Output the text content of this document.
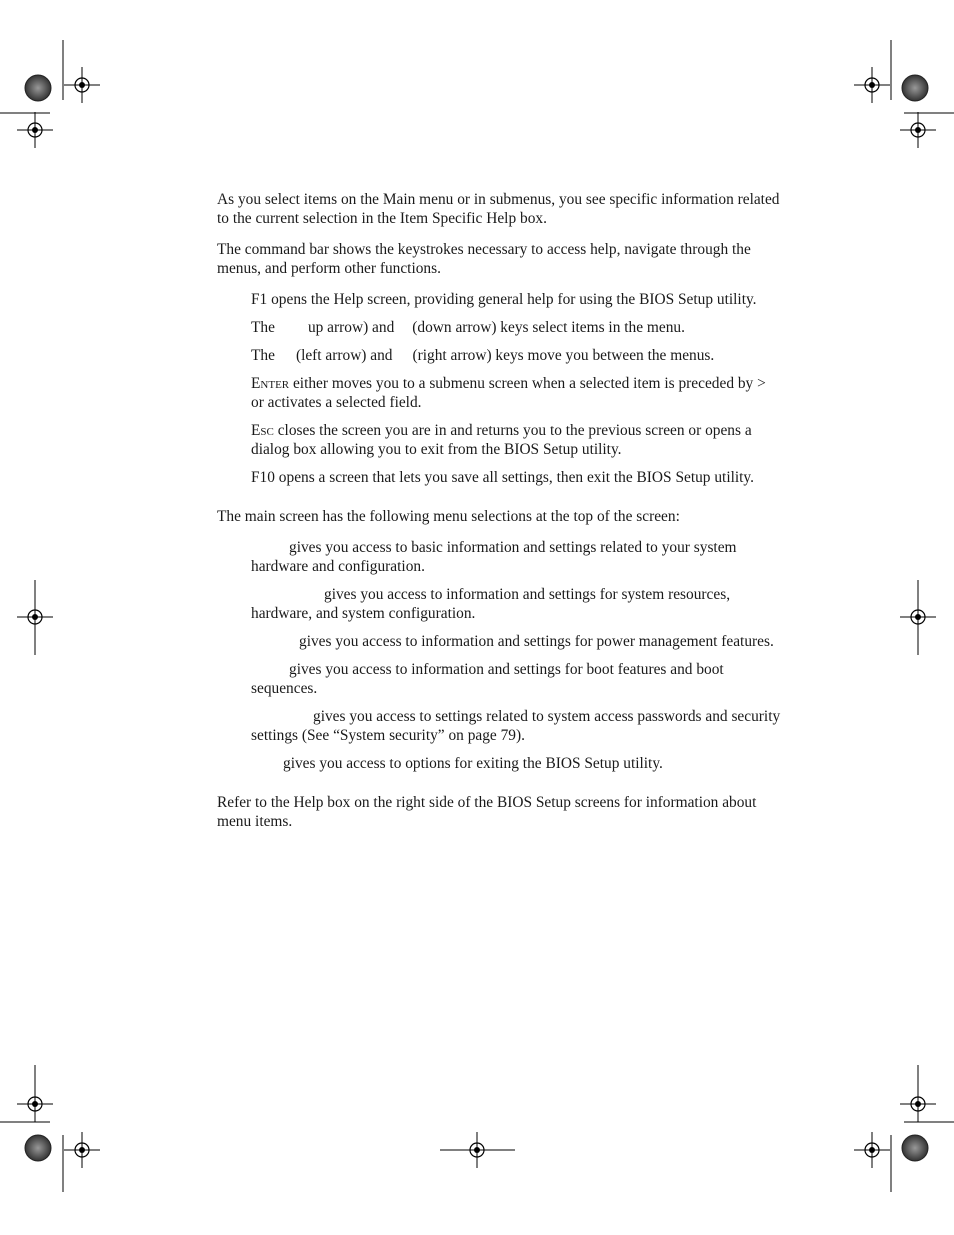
As you select items on the Main menu or in submenus, you see specific information related to the current selection in the Item Specific Help box.

The command bar shows the keystrokes necessary to access help, navigate through the menus, and perform other functions.

F1 opens the Help screen, providing general help for using the BIOS Setup utility.
The up arrow) and (down arrow) keys select items in the menu.
The (left arrow) and (right arrow) keys move you between the menus.
Enter either moves you to a submenu screen when a selected item is preceded by > or activates a selected field.
Esc closes the screen you are in and returns you to the previous screen or opens a dialog box allowing you to exit from the BIOS Setup utility.
F10 opens a screen that lets you save all settings, then exit the BIOS Setup utility.

The main screen has the following menu selections at the top of the screen:

gives you access to basic information and settings related to your system hardware and configuration.
gives you access to information and settings for system resources, hardware, and system configuration.
gives you access to information and settings for power management features.
gives you access to information and settings for boot features and boot sequences.
gives you access to settings related to system access passwords and security settings (See “System security” on page 79).
gives you access to options for exiting the BIOS Setup utility.

Refer to the Help box on the right side of the BIOS Setup screens for information about menu items.
